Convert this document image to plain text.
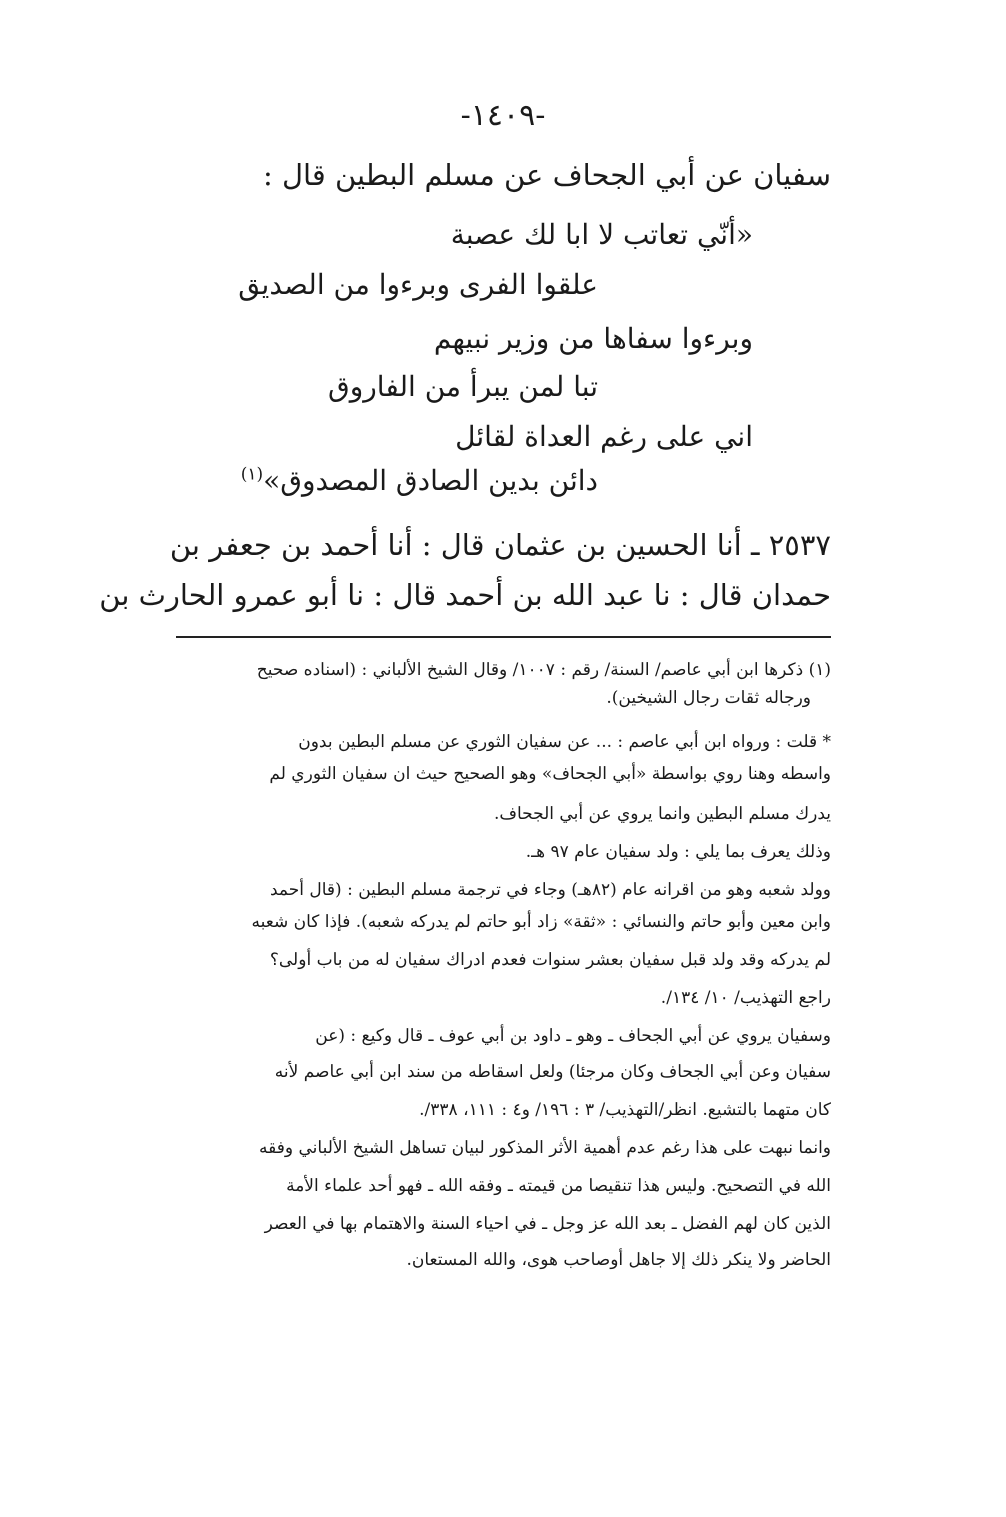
-١٤٠٩-
سفيان عن أبي الجحاف عن مسلم البطين قال :
«أنّي تعاتب لا ابا لك عصبة
علقوا الفرى وبرءوا من الصديق
وبرءوا سفاها من وزير نبيهم
تبا لمن يبرأ من الفاروق
اني على رغم العداة لقائل
دائن بدين الصادق المصدوق»$^{(١)}$
٢٥٣٧ ـ أنا الحسين بن عثمان قال : أنا أحمد بن جعفر بن
حمدان قال : نا عبد الله بن أحمد قال : نا أبو عمرو الحارث بن
(١) ذكرها ابن أبي عاصم/ السنة/ رقم : ١٠٠٧/ وقال الشيخ الألباني : (اسناده صحيح
ورجاله ثقات رجال الشيخين).
* قلت : ورواه ابن أبي عاصم : ... عن سفيان الثوري عن مسلم البطين بدون
واسطه وهنا روي بواسطة «أبي الجحاف» وهو الصحيح حيث ان سفيان الثوري لم
يدرك مسلم البطين وانما يروي عن أبي الجحاف.
وذلك يعرف بما يلي : ولد سفيان عام ٩٧ هـ.
وولد شعبه وهو من اقرانه عام (٨٢هـ) وجاء في ترجمة مسلم البطين : (قال أحمد
وابن معين وأبو حاتم والنسائي : «ثقة» زاد أبو حاتم لم يدركه شعبه). فإذا كان شعبه
لم يدركه وقد ولد قبل سفيان بعشر سنوات فعدم ادراك سفيان له من باب أولى؟
راجع التهذيب/ ١٠/ ١٣٤/.
وسفيان يروي عن أبي الجحاف ـ وهو ـ داود بن أبي عوف ـ قال وكيع : (عن
سفيان وعن أبي الجحاف وكان مرجئا) ولعل اسقاطه من سند ابن أبي عاصم لأنه
كان متهما بالتشيع. انظر/التهذيب/ ٣ : ١٩٦/ و٤ : ١١١، ٣٣٨/.
وانما نبهت على هذا رغم عدم أهمية الأثر المذكور لبيان تساهل الشيخ الألباني وفقه
الله في التصحيح. وليس هذا تنقيصا من قيمته ـ وفقه الله ـ فهو أحد علماء الأمة
الذين كان لهم الفضل ـ بعد الله عز وجل ـ في احياء السنة والاهتمام بها في العصر
الحاضر ولا ينكر ذلك إلا جاهل أوصاحب هوى، والله المستعان.
